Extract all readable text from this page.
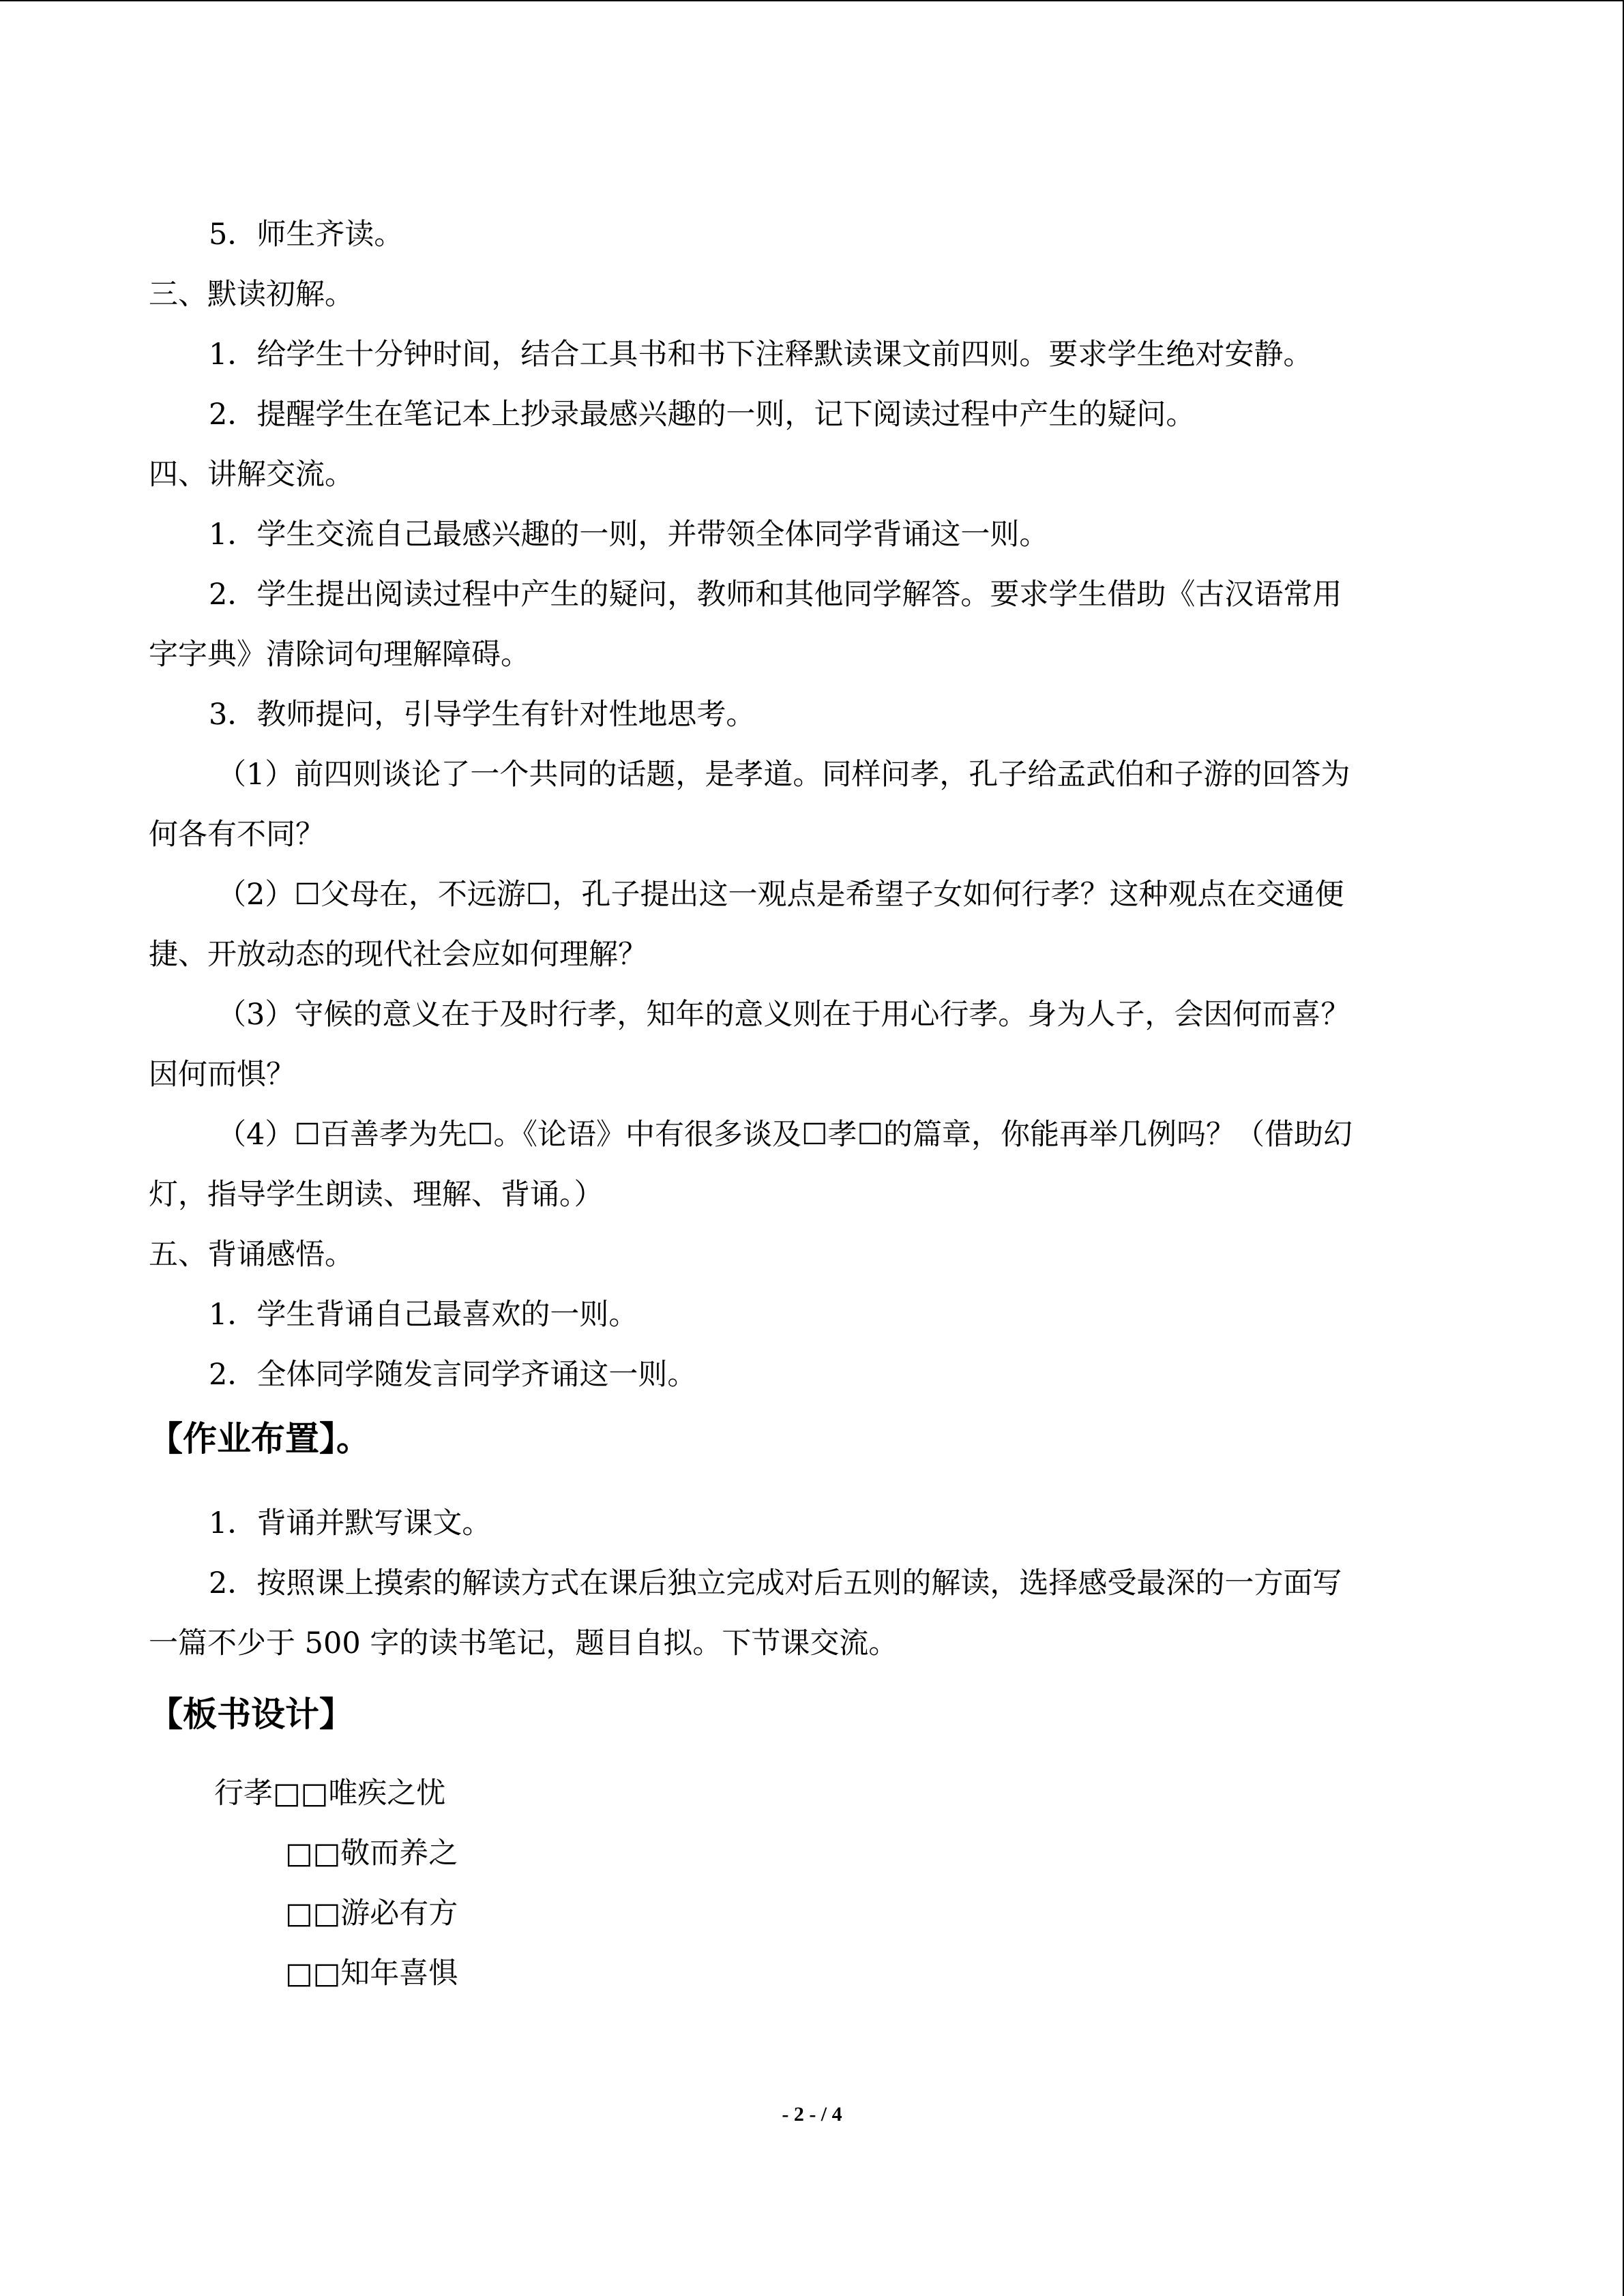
5．师生齐读。

三、默读初解。

1．给学生十分钟时间，结合工具书和书下注释默读课文前四则。要求学生绝对安静。

2．提醒学生在笔记本上抄录最感兴趣的一则，记下阅读过程中产生的疑问。

四、讲解交流。

1．学生交流自己最感兴趣的一则，并带领全体同学背诵这一则。

2．学生提出阅读过程中产生的疑问，教师和其他同学解答。要求学生借助《古汉语常用

字字典》清除词句理解障碍。

3．教师提问，引导学生有针对性地思考。

（1）前四则谈论了一个共同的话题，是孝道。同样问孝，孔子给孟武伯和子游的回答为

何各有不同？

（2）☐父母在，不远游☐，孔子提出这一观点是希望子女如何行孝？这种观点在交通便

捷、开放动态的现代社会应如何理解？

（3）守候的意义在于及时行孝，知年的意义则在于用心行孝。身为人子，会因何而喜？

因何而惧？

（4）☐百善孝为先☐。《论语》中有很多谈及☐孝☐的篇章，你能再举几例吗？（借助幻

灯，指导学生朗读、理解、背诵。）

五、背诵感悟。

1．学生背诵自己最喜欢的一则。

2．全体同学随发言同学齐诵这一则。

【作业布置】。

1．背诵并默写课文。

2．按照课上摸索的解读方式在课后独立完成对后五则的解读，选择感受最深的一方面写

一篇不少于 500 字的读书笔记，题目自拟。下节课交流。

【板书设计】
行孝□□唯疾之忧
□□敬而养之
□□游必有方
□□知年喜惧
- 2 - / 4
